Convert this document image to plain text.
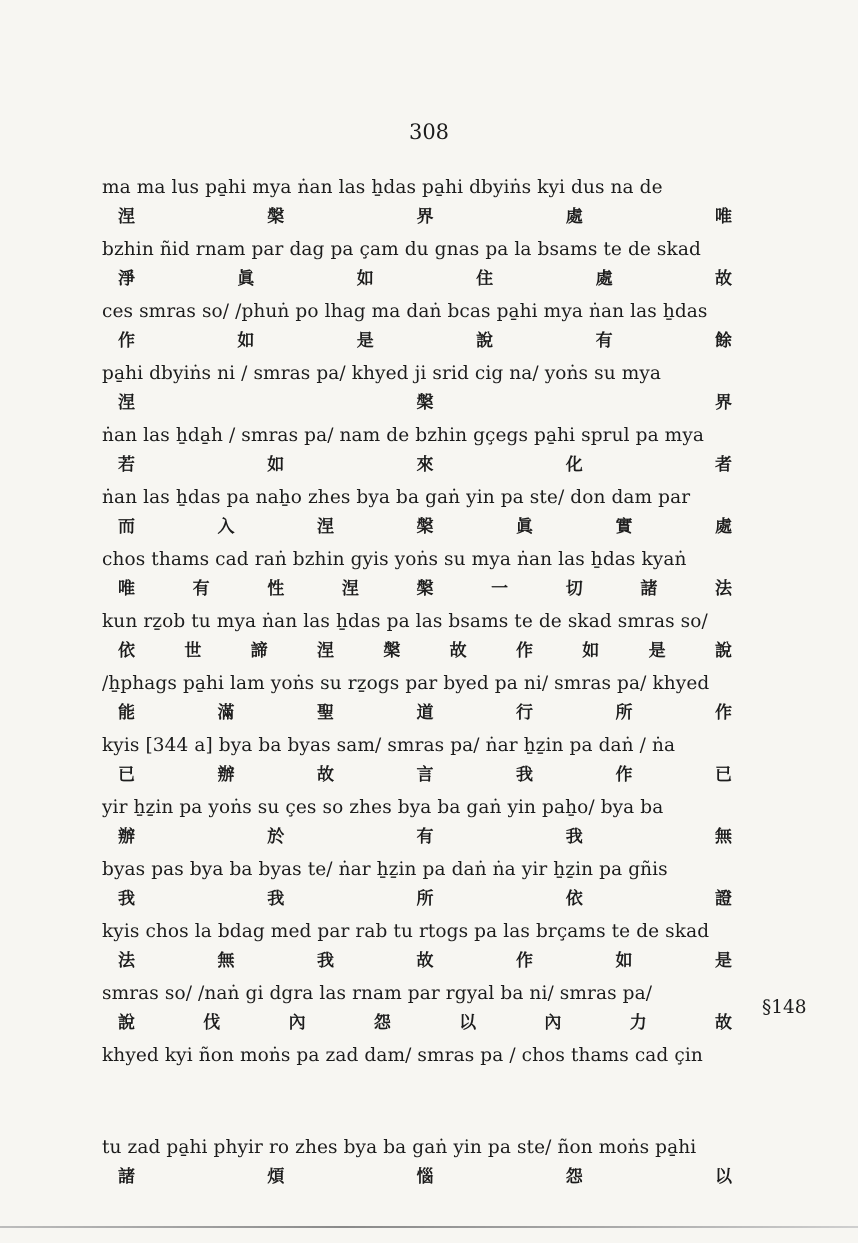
308
ma ma lus pa̱hi mya ṅan las ẖdas pa̱hi dbyiṅs kyi dus na de
涅	槃	界	處	唯
bzhin ñid rnam par dag pa çam du gnas pa la bsams te de skad
淨	眞	如	住	處	故
ces smras so/ /phuṅ po lhag ma daṅ bcas pa̱hi mya ṅan las ẖdas
作	如	是	說	有	餘
pa̱hi dbyiṅs ni / smras pa/ khyed ji srid cig na/ yoṅs su mya
涅	槃	界
ṅan las ẖda̱h / smras pa/ nam de bzhin gçegs pa̱hi sprul pa mya
若	如	來	化	者
ṅan las ẖdas pa naẖo zhes bya ba gaṅ yin pa ste/ don dam par
而	入	涅	槃	眞	實	處
chos thams cad raṅ bzhin gyis yoṅs su mya ṅan las ẖdas kyaṅ
唯	有	性	涅	槃	一	切	諸	法
kun rẕob tu mya ṅan las ẖdas pa las bsams te de skad smras so/
依	世	諦	涅	槃	故	作	如	是	說
/ẖphags pa̱hi lam yoṅs su rẕogs par byed pa ni/ smras pa/ khyed
能	滿	聖	道	行	所	作
kyis [344 a] bya ba byas sam/ smras pa/ ṅar ẖẕin pa daṅ / ṅa
已	辦	故	言	我	作	已
yir ẖẕin pa yoṅs su çes so zhes bya ba gaṅ yin paẖo/ bya ba
辦	於	有	我	無
byas pas bya ba byas te/ ṅar ẖẕin pa daṅ ṅa yir ẖẕin pa gñis
我	我	所	依	證
kyis chos la bdag med par rab tu rtogs pa las brçams te de skad
法	無	我	故	作	如	是
smras so/ /naṅ gi dgra las rnam par rgyal ba ni/ smras pa/
說	伐	內	怨	以	內	力	故
khyed kyi ñon moṅs pa zad dam/ smras pa / chos thams cad çin
tu zad pa̱hi phyir ro zhes bya ba gaṅ yin pa ste/ ñon moṅs pa̱hi
諸	煩	惱	怨	以
§148
